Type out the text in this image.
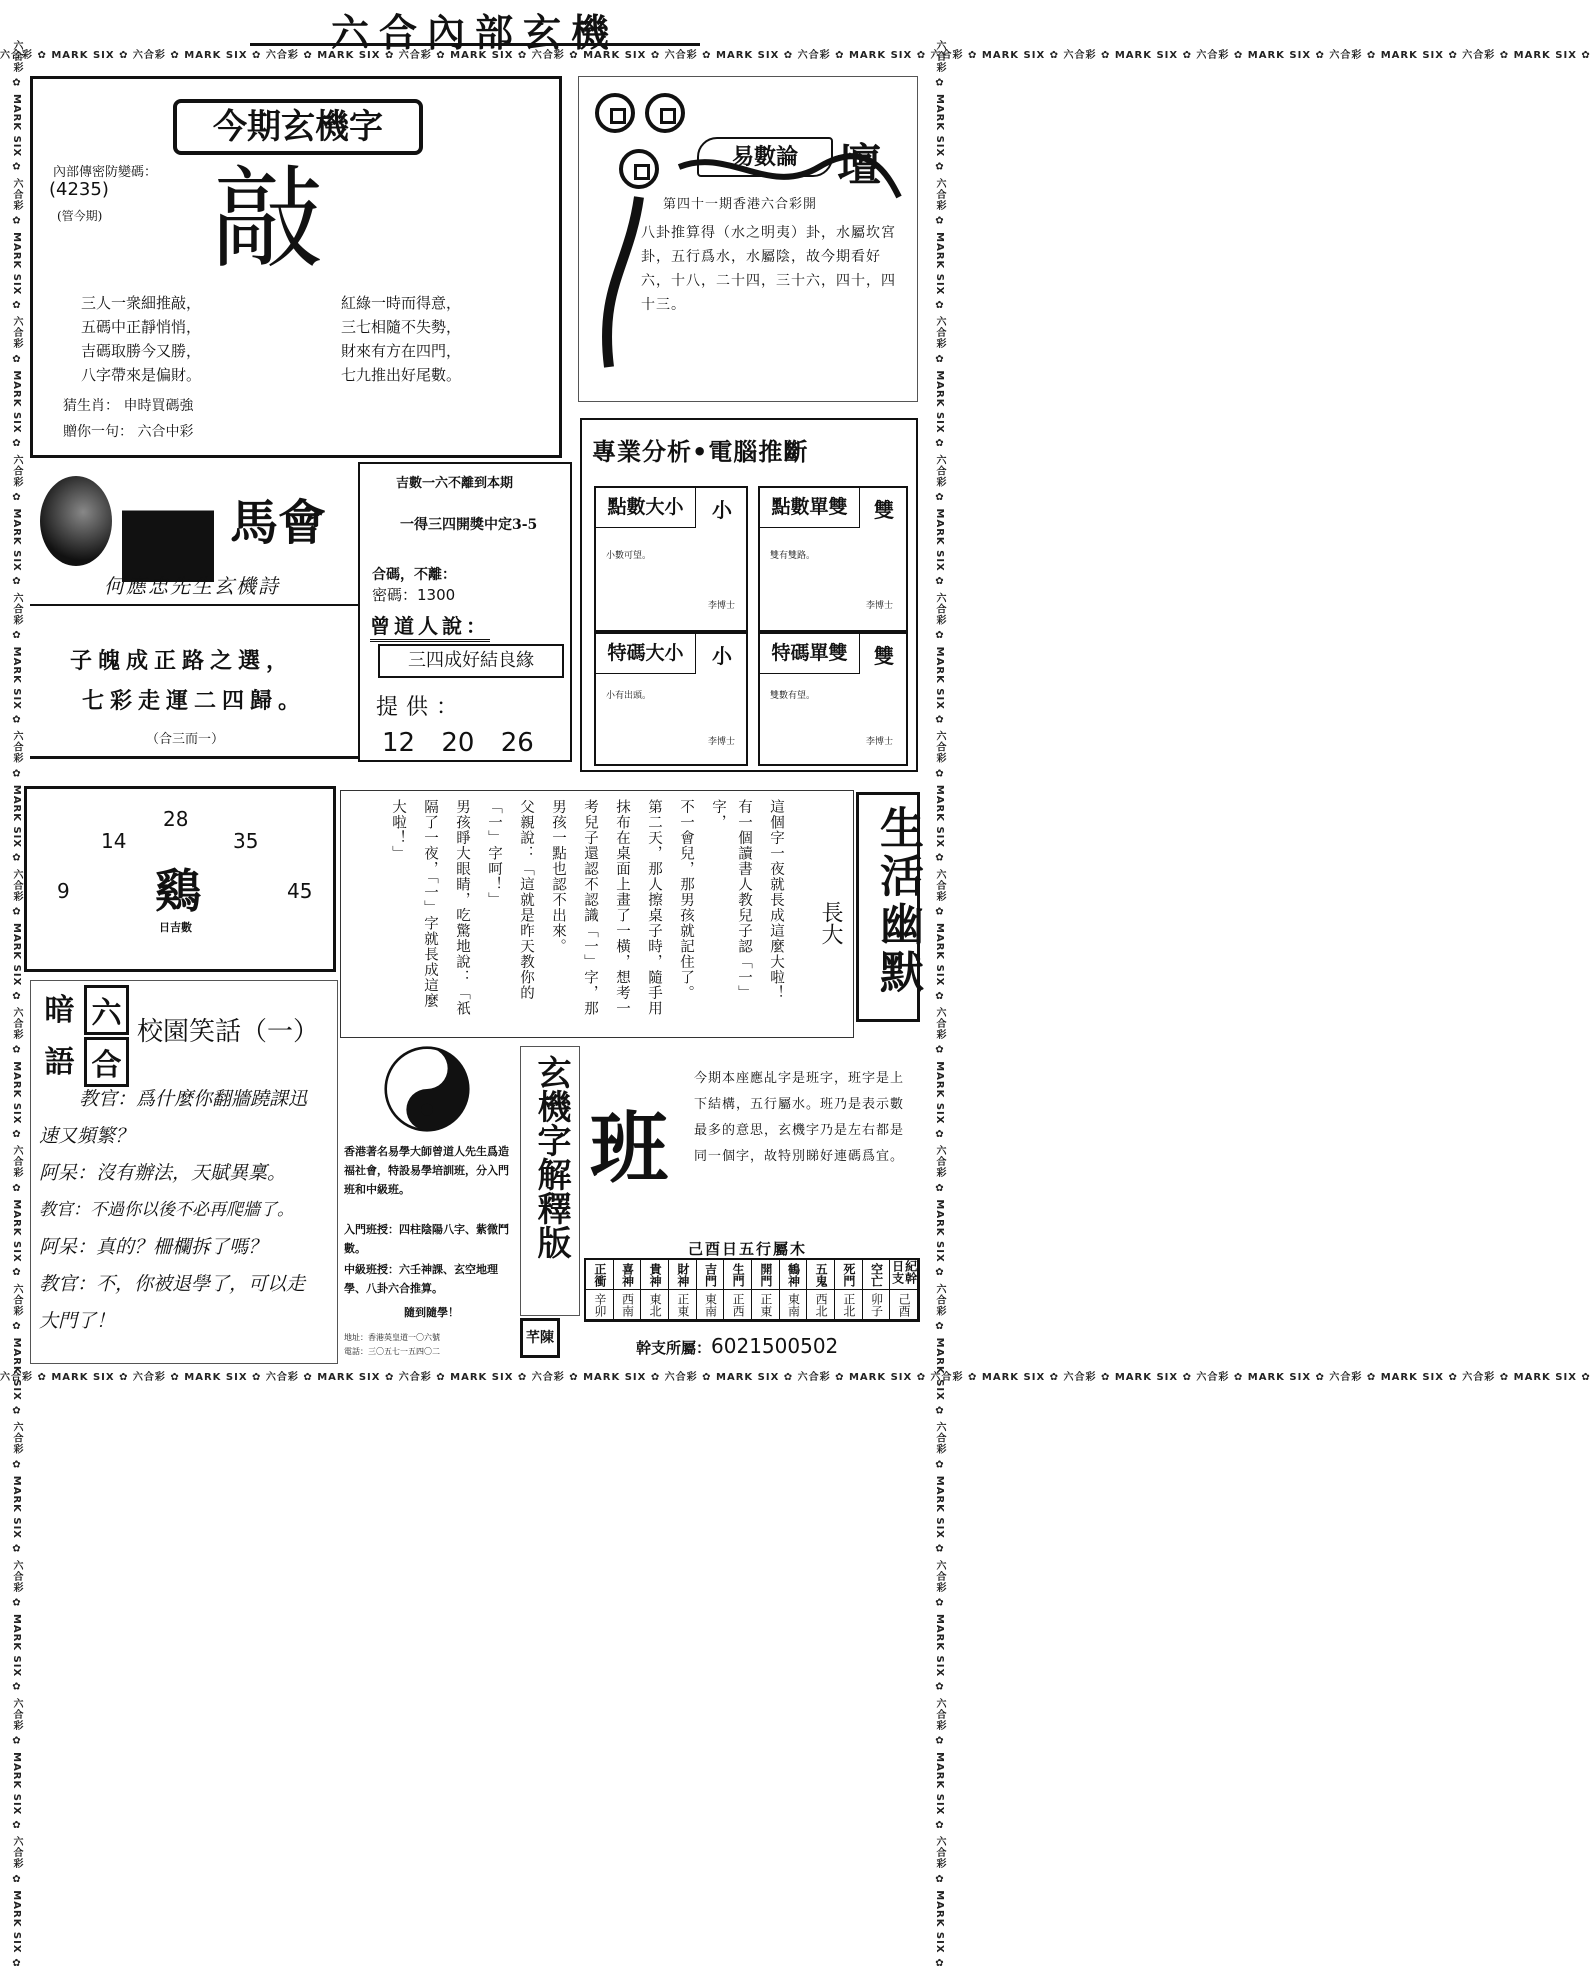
六合內部玄機
六合彩 ✿ MARK SIX ✿ 六合彩 ✿ MARK SIX ✿ 六合彩 ✿ MARK SIX ✿ 六合彩 ✿ MARK SIX ✿ 六合彩 ✿ MARK SIX ✿ 六合彩 ✿ MARK SIX ✿ 六合彩 ✿ MARK SIX ✿ 六合彩 ✿ MARK SIX ✿ 六合彩 ✿ MARK SIX ✿ 六合彩 ✿ MARK SIX ✿ 六合彩 ✿ MARK SIX ✿ 六合彩 ✿ MARK SIX ✿
六合彩 ✿ MARK SIX ✿ 六合彩 ✿ MARK SIX ✿ 六合彩 ✿ MARK SIX ✿ 六合彩 ✿ MARK SIX ✿ 六合彩 ✿ MARK SIX ✿ 六合彩 ✿ MARK SIX ✿ 六合彩 ✿ MARK SIX ✿ 六合彩 ✿ MARK SIX ✿ 六合彩 ✿ MARK SIX ✿ 六合彩 ✿ MARK SIX ✿ 六合彩 ✿ MARK SIX ✿ 六合彩 ✿ MARK SIX ✿
六合彩 ✿ MARK SIX ✿ 六合彩 ✿ MARK SIX ✿ 六合彩 ✿ MARK SIX ✿ 六合彩 ✿ MARK SIX ✿ 六合彩 ✿ MARK SIX ✿ 六合彩 ✿ MARK SIX ✿ 六合彩 ✿ MARK SIX ✿ 六合彩 ✿ MARK SIX ✿ 六合彩 ✿ MARK SIX ✿ 六合彩 ✿ MARK SIX ✿ 六合彩 ✿ MARK SIX ✿ 六合彩 ✿ MARK SIX ✿ 六合彩 ✿ MARK SIX ✿ 六合彩 ✿ MARK SIX ✿	六合彩 ✿ MARK SIX ✿ 六合彩 ✿ MARK SIX ✿ 六合彩 ✿ MARK SIX ✿ 六合彩 ✿ MARK SIX ✿ 六合彩 ✿ MARK SIX ✿ 六合彩 ✿ MARK SIX ✿ 六合彩 ✿ MARK SIX ✿ 六合彩 ✿ MARK SIX ✿ 六合彩 ✿ MARK SIX ✿ 六合彩 ✿ MARK SIX ✿ 六合彩 ✿ MARK SIX ✿ 六合彩 ✿ MARK SIX ✿ 六合彩 ✿ MARK SIX ✿ 六合彩 ✿ MARK SIX ✿
今期玄機字
內部傳密防變碼：
(4235)
(管今期) 敲
三人一衆細推敲，
五碼中正靜悄悄，
吉碼取勝今又勝，
八字帶來是偏財。
紅綠一時而得意，
三七相隨不失勢，
財來有方在四門，
七九推出好尾數。
猜生肖： 申時買碼強
贈你一句： 六合中彩
易數論 壇
第四十一期香港六合彩開
八卦推算得（水之明夷）卦，水屬坎宮卦，五行爲水，水屬陰，故今期看好六，十八，二十四，三十六，四十，四十三。
馬會
何應忠先生玄機詩
子魄成正路之選，
七彩走運二四歸。
（合三而一）
吉數一六不離到本期
一得三四開獎中定3-5
合碼，不離：
密碼：1300
曾道人說：
三四成好結良緣
提供：
12 20 26
專業分析•電腦推斷
點數大小	小
小數可望。
李博士
點數單雙	雙
雙有雙路。
李博士
特碼大小	小
小有出頭。
李博士
特碼單雙	雙
雙數有望。
李博士
28
14	35
9	45
鷄
日吉數	這個字一夜就長成這麼大啦！
有一個讀書人教兒子認「一」字，
不一會兒，那男孩就記住了。
第二天，那人擦桌子時，隨手用
抹布在桌面上畫了一橫，想考一
考兒子還認不認識「一」字，那
男孩一點也認不出來。
父親說：「這就是昨天教你的
「一」字呵！」
男孩睜大眼睛，吃驚地說：「祇
隔了一夜，「一」字就長成這麼
大啦！」
長大 生活幽默
暗 六
語 合
校園笑話（一）
教官：爲什麼你翻牆蹺課迅
速又頻繁？
阿呆：沒有辦法，天賦異稟。
教官：不過你以後不必再爬牆了。
阿呆：真的？柵欄拆了嗎？
教官：不，你被退學了，可以走
大門了！
香港著名易學大師曾道人先生爲造福社會，特設易學培訓班，分入門班和中級班。
入門班授：四柱陰陽八字、紫微鬥數。
中級班授：六壬神課、玄空地理學、八卦六合推算。
隨到隨學！
地址：香港英皇道一〇六號
電話：三〇五七一五四〇二
玄機字解釋版
芊陳
班
今期本座應乩字是班字，班字是上下結構，五行屬水。班乃是表示數最多的意思，玄機字乃是左右都是同一個字，故特別睇好連碼爲宜。
己酉日五行屬木
正衝	喜神	貴神	財神	吉門	生門	開門	鶴神	五鬼	死門	空亡	紀幹日支
辛卯	西南	東北	正東	東南	正西	正東	東南	西北	正北	卯子	己酉
幹支所屬：6021500502
